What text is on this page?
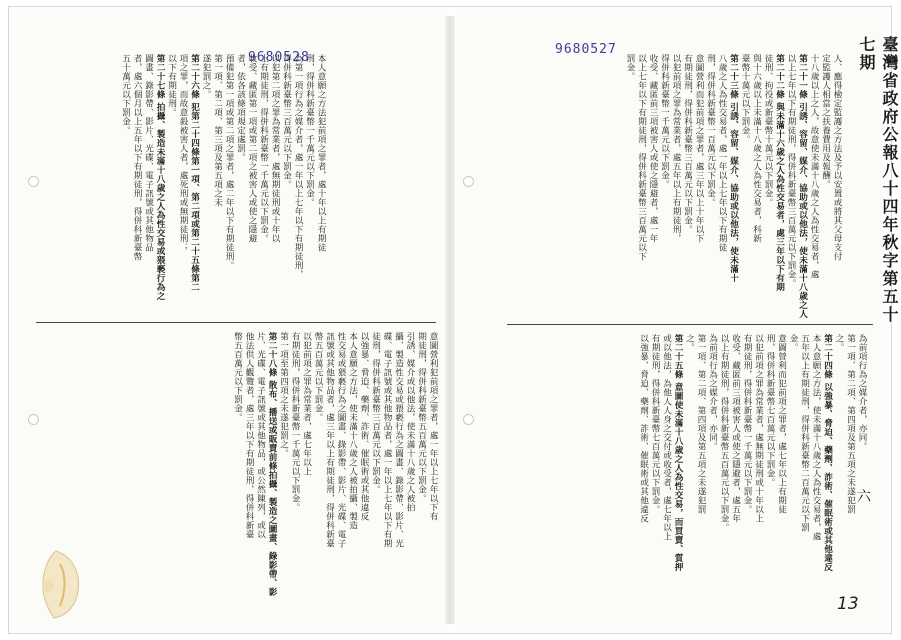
9680528 本人意願之方法犯前項之罪者，處十年以上有期徒
刑，得併科新臺幣一千萬元以下罰金。
為第一項行為之媒介者，處一年以上七年以下有期徒刑，
得併科新臺幣三百萬元以下罰金。
以犯第二項之罪為常業者，處無期徒刑或十年以
上有期徒刑，得併科新臺幣一千萬元以下罰金。
收受、藏匿第一項或第二項之被害人或使之隱避
者，依各該條項規定處罰。
預備犯第一項或第二項之罪者，處二年以下有期徒刑。
第一項、第二項、第三項及第五項之未
遂犯罰之。
第二十六條 犯第二十四條第一項、第二項或第二十五條第二
項之罪，而故意殺被害人者，處死刑或無期徒刑；
以下有期徒刑。
第二十七條 拍攝、製造未滿十八歲之人為性交易或猥褻行為之
圖畫、錄影帶、影片、光碟、電子訊號或其他物品
者，處六個月以上五年以下有期徒刑，得併科新臺幣
五十萬元以下罰金。
意圖營利犯前項之罪者，處一年以上七年以下有
期徒刑，得併科新臺幣五百萬元以下罰金。
引誘、媒介或以他法，使未滿十八歲之人被拍
攝、製造性交易或猥褻行為之圖畫、錄影帶、影片、光
碟、電子訊號或其他物品者，處一年以上七年以下有期
徒刑，得併科新臺幣三百萬元以下罰金。
以強暴、脅迫、藥劑、詐術、催眠術或其他違反
本人意願之方法，使未滿十八歲之人被拍攝、製造
性交易或猥褻行為之圖畫、錄影帶、影片、光碟、電子
訊號或其他物品者，處三年以上有期徒刑，得併科新臺
幣五百萬元以下罰金。
以犯前項之罪為常業者，處七年以上
有期徒刑，得併科新臺幣一千萬元以下罰金。
第一項至第四項之未遂犯罰之。
第二十八條 散布、播送或販賣前條拍攝、製造之圖畫、錄影帶、影
片、光碟、電子訊號或其他物品，或公然陳列，或以
他法供人觀覽者，處三年以下有期徒刑，得併科新臺
幣五百萬元以下罰金。
9680527	臺灣省政府公報八十四年秋字第五十七期
人、應得檢定監護之方法及予以安置或將其父母支付
定監護人相當之扶養費用及報酬。
十八歲以上之人，故意使未滿十八歲之人為性交易者，處
第二十一條 引誘、容留、媒介、協助或以他法，使未滿十八歲之人
以上七年以下有期徒刑，得併科新臺幣三百萬元以下罰金。
第二十二條 與未滿十六歲之人為性交易者，處三年以下有期
徒刑、拘役或新臺幣十萬元以下罰金。
與十六歲以上未滿十八歲之人為性交易者，科新
臺幣十萬元以下罰金。
第二十三條 引誘、容留、媒介、協助或以他法，使未滿十
八歲之人為性交易者，處一年以上七年以下有期徒
刑，得併科新臺幣一百萬元以下罰金。
意圖營利而犯前項之罪者，處三年以上十年以下
有期徒刑，得併科新臺幣三百萬元以下罰金。
以犯前項之罪為常業者，處五年以上有期徒刑，
得併科新臺幣一千萬元以下罰金。
收受、藏匿前三項被害人或使之隱避者，處一年
以上七年以下有期徒刑，得併科新臺幣三百萬元以下
罰金。
為前項行為之媒介者，亦同。
第一項、第二項、第四項及第五項之未遂犯罰
之。
第二十四條 以強暴、脅迫、藥劑、詐術、催眠術或其他違反
本人意願之方法，使未滿十八歲之人為性交易者，處
五年以上有期徒刑，得併科新臺幣二百萬元以下罰
金。
意圖營利而犯前項之罪者，處七年以上有期徒
刑，得併科新臺幣七百萬元以下罰金。
以犯前項之罪為常業者，處無期徒刑或十年以上
有期徒刑，得併科新臺幣一千萬元以下罰金。
收受、藏匿前三項被害人或使之隱避者，處五年
以上有期徒刑，得併科新臺幣五百萬元以下罰金。
為前項行為之媒介者，亦同。
第一項、第二項、第四項及第五項之未遂犯罰
之。
第二十五條 意圖使未滿十八歲之人為性交易，而買賣、質押
或以他法，為他人人身之交付或收受者，處七年以上
有期徒刑，得併科新臺幣七百萬元以下罰金。
以強暴、脅迫、藥劑、詐術、催眠術或其他違反	六
13
